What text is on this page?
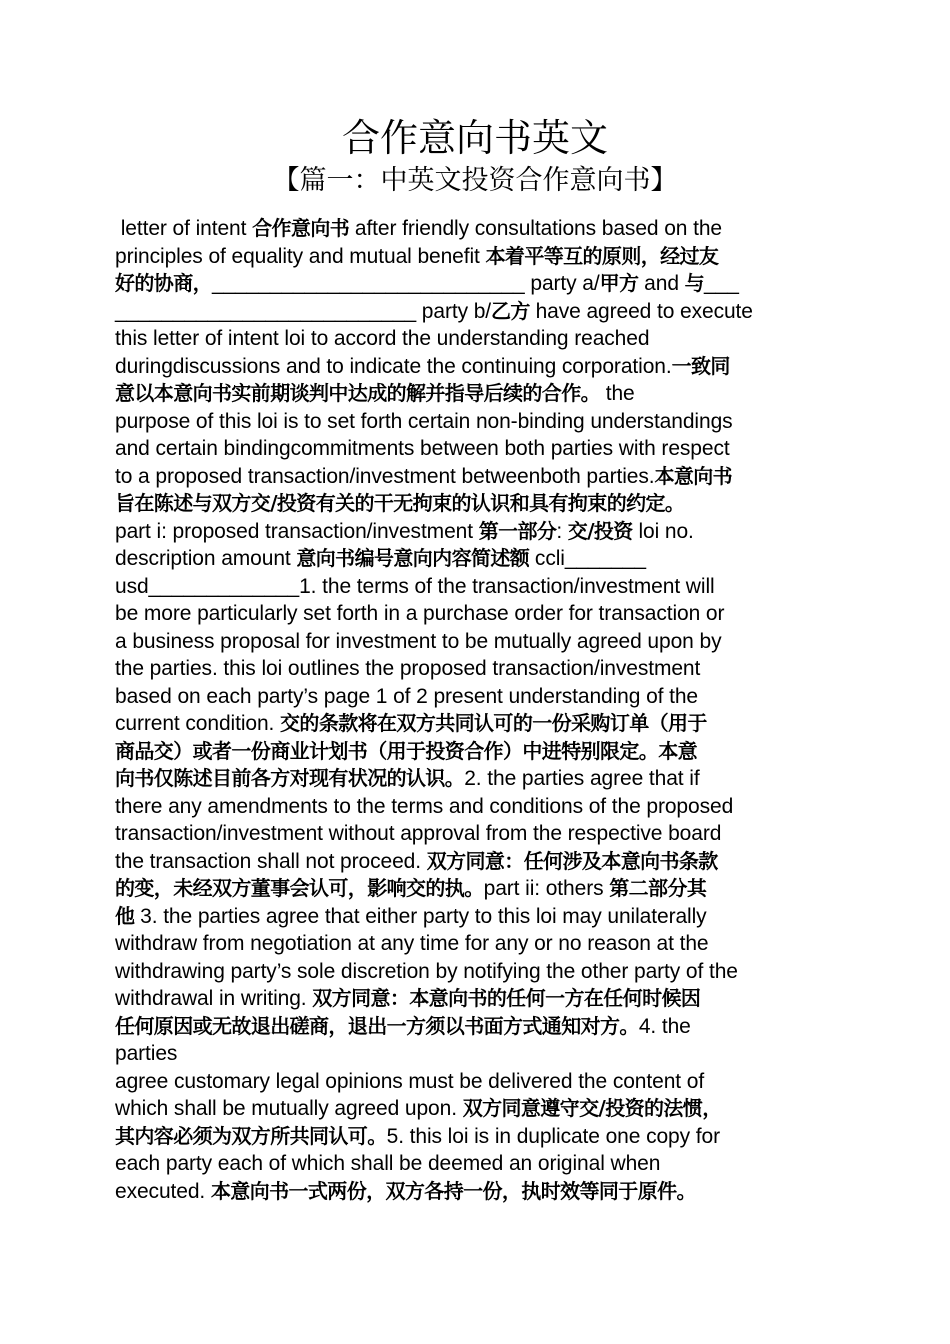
合作意向书英文
【篇一：中英文投资合作意向书】
letter of intent 合作意向书 after friendly consultations based on the
principles of equality and mutual benefit 本着平等互的原则，经过友
好的协商，___________________________ party a/甲方 and 与___
__________________________ party b/乙方 have agreed to execute
this letter of intent loi to accord the understanding reached
duringdiscussions and to indicate the continuing corporation.一致同
意以本意向书实前期谈判中达成的解并指导后续的合作。 the
purpose of this loi is to set forth certain non-binding understandings
and certain bindingcommitments between both parties with respect
to a proposed transaction/investment betweenboth parties.本意向书
旨在陈述与双方交/投资有关的干无拘束的认识和具有拘束的约定。
part i: proposed transaction/investment 第一部分: 交/投资 loi no.
description amount 意向书编号意向内容简述额 ccli_______
usd_____________1. the terms of the transaction/investment will
be more particularly set forth in a purchase order for transaction or
a business proposal for investment to be mutually agreed upon by
the parties. this loi outlines the proposed transaction/investment
based on each party’s page 1 of 2 present understanding of the
current condition. 交的条款将在双方共同认可的一份采购订单（用于
商品交）或者一份商业计划书（用于投资合作）中进特别限定。本意
向书仅陈述目前各方对现有状况的认识。2. the parties agree that if
there any amendments to the terms and conditions of the proposed
transaction/investment without approval from the respective board
the transaction shall not proceed. 双方同意：任何涉及本意向书条款
的变，未经双方董事会认可，影响交的执。part ii: others 第二部分其
他 3. the parties agree that either party to this loi may unilaterally
withdraw from negotiation at any time for any or no reason at the
withdrawing party’s sole discretion by notifying the other party of the
withdrawal in writing. 双方同意：本意向书的任何一方在任何时候因
任何原因或无故退出磋商，退出一方须以书面方式通知对方。4. the
parties
agree customary legal opinions must be delivered the content of
which shall be mutually agreed upon. 双方同意遵守交/投资的法惯，
其内容必须为双方所共同认可。5. this loi is in duplicate one copy for
each party each of which shall be deemed an original when
executed. 本意向书一式两份，双方各持一份，执时效等同于原件。
